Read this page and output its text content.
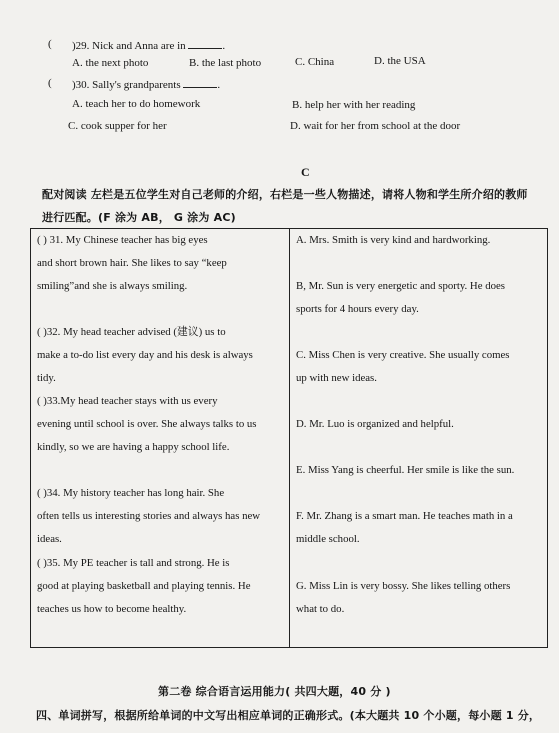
( )29. Nick and Anna are in	.
A. the next photo	B. the last photo	C. China	D. the USA
( )30. Sally's grandparents	.
A. teach her to do homework	B. help her with her reading
C. cook supper for her	D. wait for her from school at the door
C
配对阅读 左栏是五位学生对自己老师的介绍，右栏是一些人物描述，请将人物和学生所介绍的教师
进行匹配。(F 涂为 AB， G 涂为 AC)
( ) 31. My Chinese teacher has big eyes
and short brown hair. She likes to say “keep
smiling”and she is always smiling.
( )32. My head teacher advised (建议) us to
make a to-do list every day and his desk is always
tidy.
( )33.My head teacher stays with us every
evening until school is over. She always talks to us
kindly, so we are having a happy school life.
( )34. My history teacher has long hair. She
often tells us interesting stories and always has new
ideas.
( )35. My PE teacher is tall and strong. He is
good at playing basketball and playing tennis. He
teaches us how to become healthy.

A. Mrs. Smith is very kind and hardworking.
B, Mr. Sun is very energetic and sporty. He does
sports for 4 hours every day.
C. Miss Chen is very creative. She usually comes
up with new ideas.
D. Mr. Luo is organized and helpful.
E. Miss Yang is cheerful. Her smile is like the sun.
F. Mr. Zhang is a smart man. He teaches math in a
middle school.
G. Miss Lin is very bossy. She likes telling others
what to do.
第二卷 综合语言运用能力( 共四大题，40 分 )
四、单词拼写，根据所给单词的中文写出相应单词的正确形式。(本大题共 10 个小题，每小题 1 分，
